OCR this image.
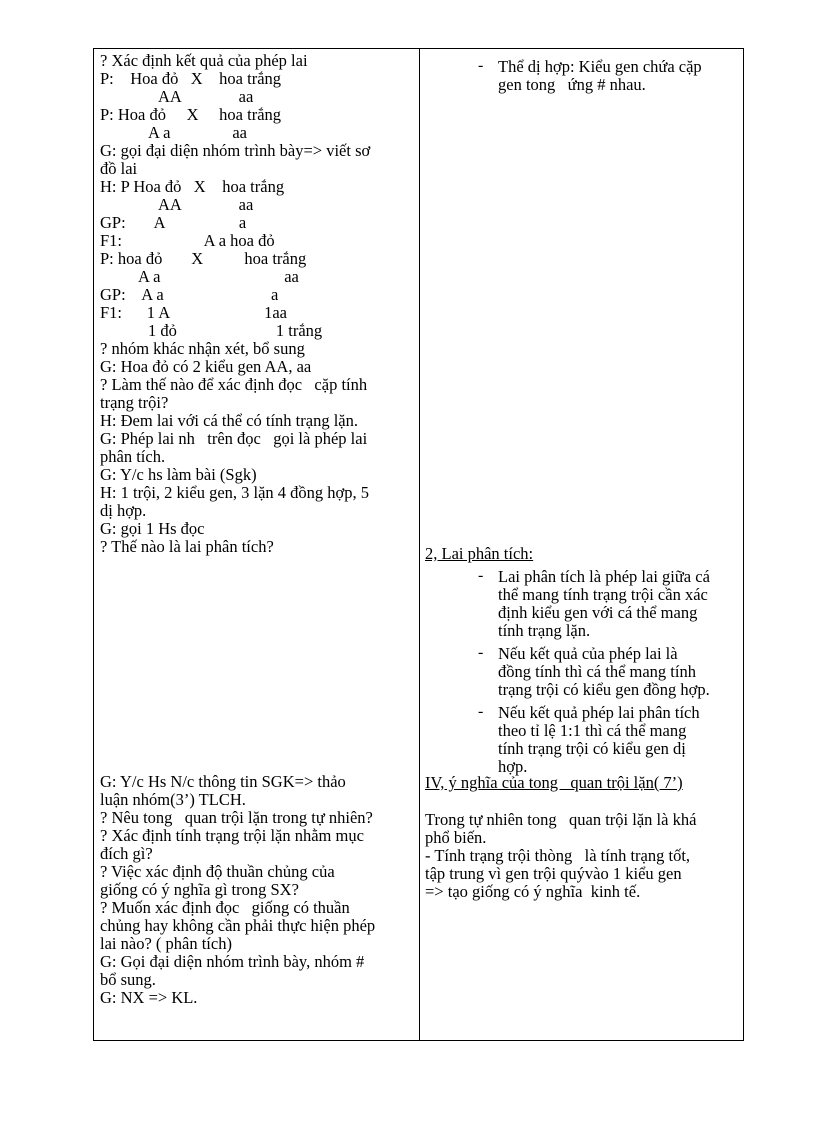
? Xác định kết quả của phép lai
P:    Hoa đỏ   X    hoa trắng
AA              aa
P: Hoa đỏ     X     hoa trắng
A a               aa
G: gọi đại diện nhóm trình bày=> viết sơ
đồ lai
H: P Hoa đỏ   X    hoa trắng
AA              aa
GP:       A                  a
F1:                    A a hoa đỏ
P: hoa đỏ       X          hoa trắng
A a                              aa
GP:    A a                          a
F1:      1 A                       1aa
1 đỏ                        1 trắng
? nhóm khác nhận xét, bổ sung
G: Hoa đỏ có 2 kiểu gen AA, aa
? Làm thế nào để xác định đọc   cặp tính
trạng trội?
H: Đem lai với cá thể có tính trạng lặn.
G: Phép lai nh   trên đọc   gọi là phép lai
phân tích.
G: Y/c hs làm bài (Sgk)
H: 1 trội, 2 kiểu gen, 3 lặn 4 đồng hợp, 5
dị hợp.
G: gọi 1 Hs đọc
? Thế nào là lai phân tích?
G: Y/c Hs N/c thông tin SGK=> thảo
luận nhóm(3’) TLCH.
? Nêu tong   quan trội lặn trong tự nhiên?
? Xác định tính trạng trội lặn nhằm mục
đích gì?
? Việc xác định độ thuần chủng của
giống có ý nghĩa gì trong SX?
? Muốn xác định đọc   giống có thuần
chủng hay không cần phải thực hiện phép
lai nào? ( phân tích)
G: Gọi đại diện nhóm trình bày, nhóm #
bổ sung.
G: NX => KL.
- Thể dị hợp: Kiểu gen chứa cặp
gen tong   ứng # nhau.
2, Lai phân tích:
- Lai phân tích là phép lai giữa cá
thể mang tính trạng trội cần xác
định kiểu gen với cá thể mang
tính trạng lặn.
- Nếu kết quả của phép lai là
đồng tính thì cá thể mang tính
trạng trội có kiểu gen đồng hợp.
- Nếu kết quả phép lai phân tích
theo tỉ lệ 1:1 thì cá thể mang
tính trạng trội có kiểu gen dị
hợp.
IV, ý nghĩa của tong   quan trội lặn( 7’)
Trong tự nhiên tong   quan trội lặn là khá
phổ biến.
- Tính trạng trội thòng   là tính trạng tốt,
tập trung vì gen trội quývào 1 kiểu gen
=> tạo giống có ý nghĩa  kinh tế.
